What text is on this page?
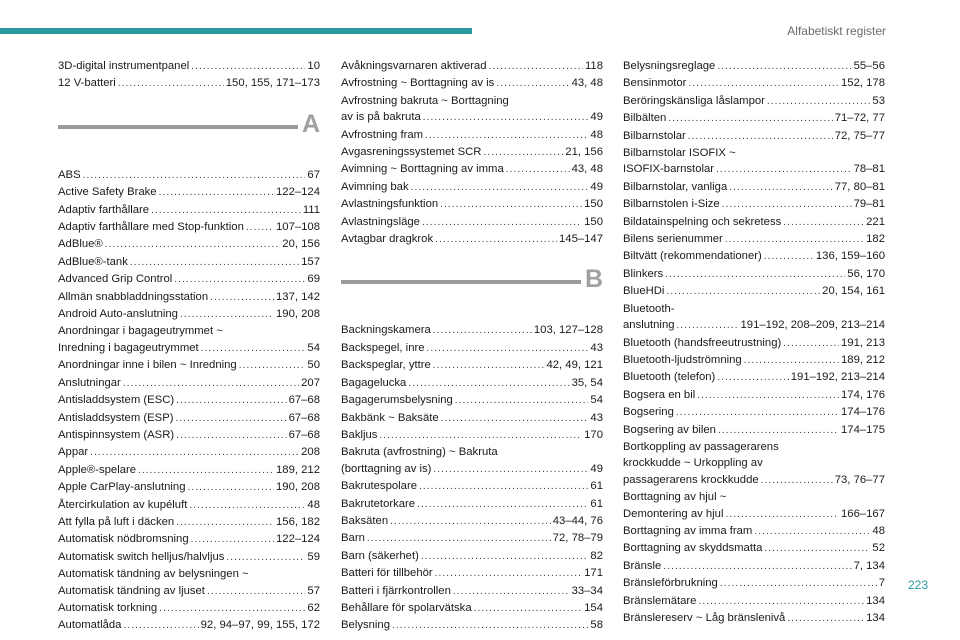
Alfabetiskt register
3D-digital instrumentpanel .....	10
12 V-batteri .....	150, 155, 171–173
A
ABS .....	67
Active Safety Brake .....	122–124
Adaptiv farthållare .....	111
Adaptiv farthållare med Stop-funktion .....	107–108
AdBlue® .....	20, 156
AdBlue®-tank .....	157
Advanced Grip Control .....	69
Allmän snabbladdningsstation .....	137, 142
Android Auto-anslutning .....	190, 208
Anordningar i bagageutrymmet ~
Inredning i bagageutrymmet .....	54
Anordningar inne i bilen ~ Inredning .....	50
Anslutningar .....	207
Antisladdsystem (ESC) .....	67–68
Antisladdsystem (ESP) .....	67–68
Antispinnsystem (ASR) .....	67–68
Appar .....	208
Apple®-spelare .....	189, 212
Apple CarPlay-anslutning .....	190, 208
Återcirkulation av kupéluft .....	48
Att fylla på luft i däcken .....	156, 182
Automatisk nödbromsning .....	122–124
Automatisk switch helljus/halvljus .....	59
Automatisk tändning av belysningen ~
Automatisk tändning av ljuset .....	57
Automatisk torkning .....	62
Automatlåda .....	92, 94–97, 99, 155, 172
Avåkningsvarnaren aktiverad .....	118
Avfrostning ~ Borttagning av is .....	43, 48
Avfrostning bakruta ~ Borttagning
av is på bakruta .....	49
Avfrostning fram .....	48
Avgasreningssystemet SCR .....	21, 156
Avimning ~ Borttagning av imma .....	43, 48
Avimning bak .....	49
Avlastningsfunktion .....	150
Avlastningsläge .....	150
Avtagbar dragkrok .....	145–147
B
Backningskamera .....	103, 127–128
Backspegel, inre .....	43
Backspeglar, yttre .....	42, 49, 121
Bagagelucka .....	35, 54
Bagagerumsbelysning .....	54
Bakbänk ~ Baksäte .....	43
Bakljus .....	170
Bakruta (avfrostning) ~ Bakruta
(borttagning av is) .....	49
Bakrutespolare .....	61
Bakrutetorkare .....	61
Baksäten .....	43–44, 76
Barn .....	72, 78–79
Barn (säkerhet) .....	82
Batteri för tillbehör .....	171
Batteri i fjärrkontrollen .....	33–34
Behållare för spolarvätska .....	154
Belysning .....	58
Belysningsreglage .....	55–56
Bensinmotor .....	152, 178
Beröringskänsliga låslampor .....	53
Bilbälten .....	71–72, 77
Bilbarnstolar .....	72, 75–77
Bilbarnstolar ISOFIX ~
ISOFIX-barnstolar .....	78–81
Bilbarnstolar, vanliga .....	77, 80–81
Bilbarnstolen i-Size .....	79–81
Bildatainspelning och sekretess .....	221
Bilens serienummer .....	182
Biltvätt (rekommendationer) .....	136, 159–160
Blinkers .....	56, 170
BlueHDi .....	20, 154, 161
Bluetooth-
anslutning .....	191–192, 208–209, 213–214
Bluetooth (handsfreeutrustning) .....	191, 213
Bluetooth-ljudströmning .....	189, 212
Bluetooth (telefon) .....	191–192, 213–214
Bogsera en bil .....	174, 176
Bogsering .....	174–176
Bogsering av bilen .....	174–175
Bortkoppling av passagerarens
krockkudde ~ Urkoppling av
passagerarens krockkudde .....	73, 76–77
Borttagning av hjul ~
Demontering av hjul .....	166–167
Borttagning av imma fram .....	48
Borttagning av skyddsmatta .....	52
Bränsle .....	7, 134
Bränsleförbrukning .....	7
Bränslemätare .....	134
Bränslereserv ~ Låg bränslenivå .....	134
223
